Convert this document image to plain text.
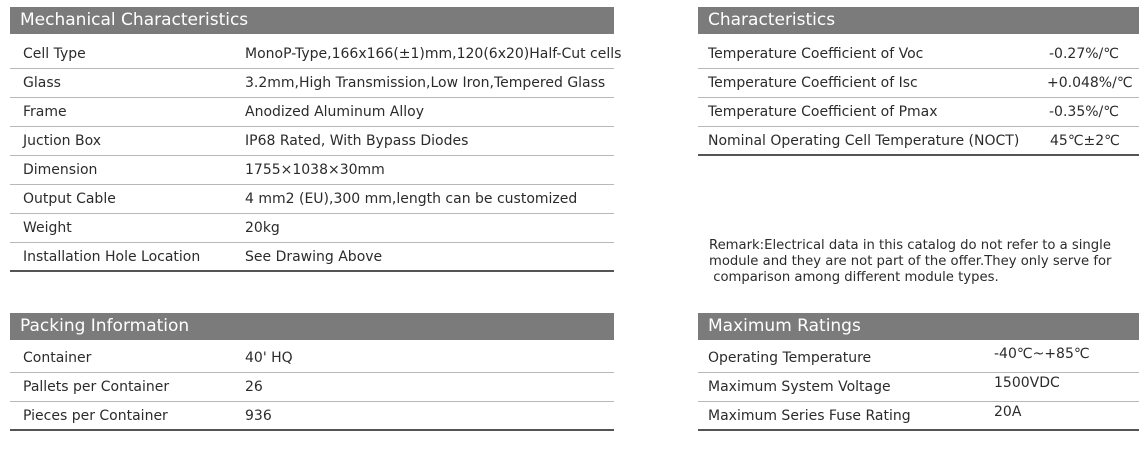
Mechanical Characteristics
Cell Type	MonoP-Type,166x166(±1)mm,120(6x20)Half-Cut cells
Glass	3.2mm,High Transmission,Low Iron,Tempered Glass
Frame	Anodized Aluminum Alloy
Juction Box	IP68 Rated, With Bypass Diodes
Dimension	1755×1038×30mm
Output Cable	4 mm2 (EU),300 mm,length can be customized
Weight	20kg
Installation Hole Location	See Drawing Above
Packing Information
Container	40' HQ
Pallets per Container	26
Pieces per Container	936
Characteristics
Temperature Coefficient of Voc	-0.27%/℃
Temperature Coefficient of Isc	+0.048%/℃
Temperature Coefficient of Pmax	-0.35%/℃
Nominal Operating Cell Temperature (NOCT) 45℃±2℃
Remark:Electrical data in this catalog do not refer to a single
module and they are not part of the offer.They only serve for
comparison among different module types.
Maximum Ratings
Operating Temperature	-40℃~+85℃
Maximum System Voltage	1500VDC
Maximum Series Fuse Rating	20A
